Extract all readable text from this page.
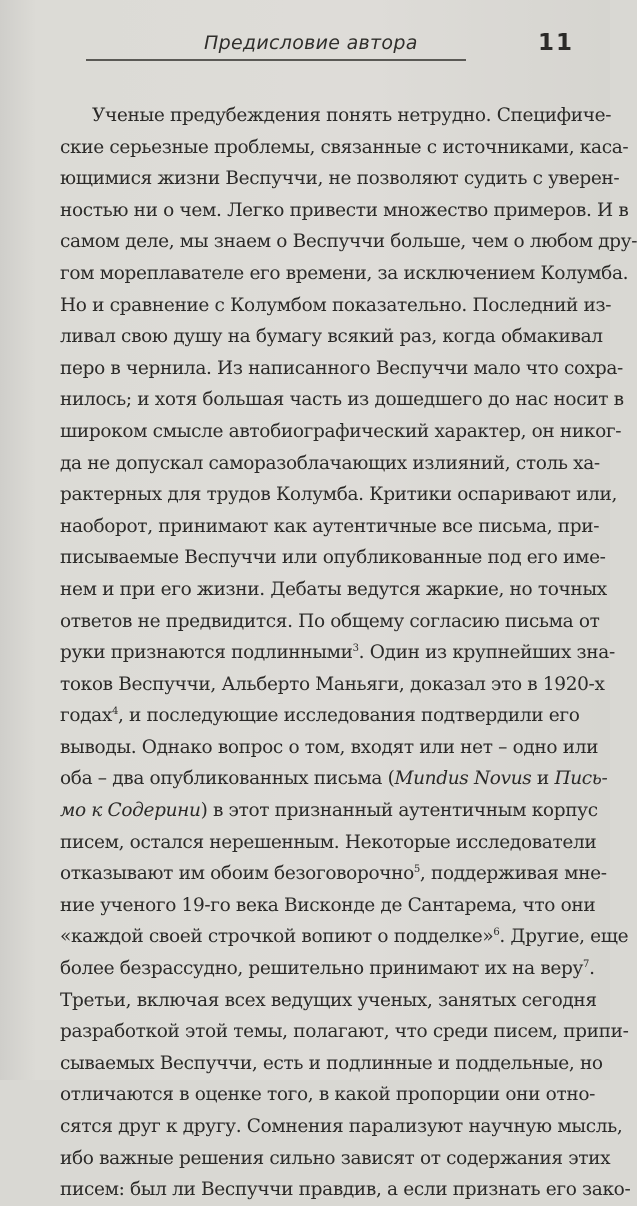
Предисловие автора	11
Ученые предубеждения понять нетрудно. Специфиче-
ские серьезные проблемы, связанные с источниками, каса-
ющимися жизни Веспуччи, не позволяют судить с уверен-
ностью ни о чем. Легко привести множество примеров. И в
самом деле, мы знаем о Веспуччи больше, чем о любом дру-
гом мореплавателе его времени, за исключением Колумба.
Но и сравнение с Колумбом показательно. Последний из-
ливал свою душу на бумагу всякий раз, когда обмакивал
перо в чернила. Из написанного Веспуччи мало что сохра-
нилось; и хотя большая часть из дошедшего до нас носит в
широком смысле автобиографический характер, он никог-
да не допускал саморазоблачающих излияний, столь ха-
рактерных для трудов Колумба. Критики оспаривают или,
наоборот, принимают как аутентичные все письма, при-
писываемые Веспуччи или опубликованные под его име-
нем и при его жизни. Дебаты ведутся жаркие, но точных
ответов не предвидится. По общему согласию письма от
руки признаются подлинными$^3$. Один из крупнейших зна-
токов Веспуччи, Альберто Маньяги, доказал это в 1920-х
годах$^4$, и последующие исследования подтвердили его
выводы. Однако вопрос о том, входят или нет – одно или
оба – два опубликованных письма (Mundus Novus и Пись-
мо к Содерини) в этот признанный аутентичным корпус
писем, остался нерешенным. Некоторые исследователи
отказывают им обоим безоговорочно$^5$, поддерживая мне-
ние ученого 19-го века Висконде де Сантарема, что они
«каждой своей строчкой вопиют о подделке»$^6$. Другие, еще
более безрассудно, решительно принимают их на веру$^7$.
Третьи, включая всех ведущих ученых, занятых сегодня
разработкой этой темы, полагают, что среди писем, припи-
сываемых Веспуччи, есть и подлинные и поддельные, но
отличаются в оценке того, в какой пропорции они отно-
сятся друг к другу. Сомнения парализуют научную мысль,
ибо важные решения сильно зависят от содержания этих
писем: был ли Веспуччи правдив, а если признать его зако-
